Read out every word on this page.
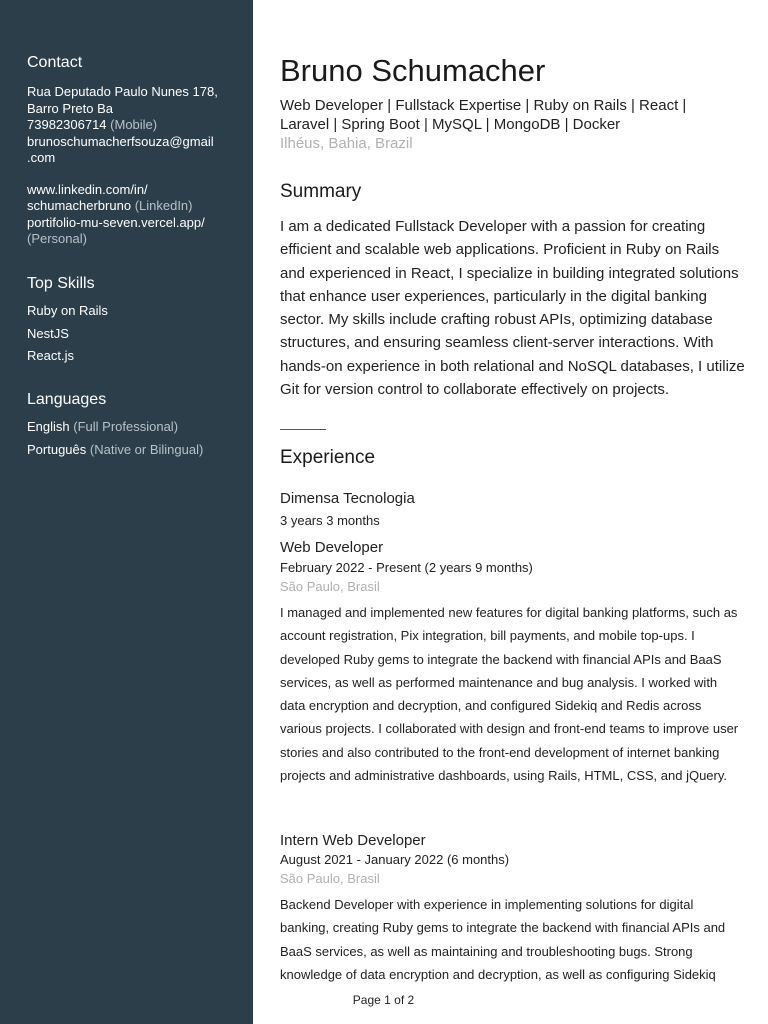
Contact
Rua Deputado Paulo Nunes 178,
Barro Preto Ba
73982306714 (Mobile)
brunoschumacherfsouza@gmail
.com
www.linkedin.com/in/
schumacherbruno (LinkedIn)
portifolio-mu-seven.vercel.app/
(Personal)
Top Skills
Ruby on Rails
NestJS
React.js
Languages
English (Full Professional)
Português (Native or Bilingual)
Bruno Schumacher
Web Developer | Fullstack Expertise | Ruby on Rails | React |
Laravel | Spring Boot | MySQL | MongoDB | Docker
Ilhéus, Bahia, Brazil
Summary
I am a dedicated Fullstack Developer with a passion for creating efficient and scalable web applications. Proficient in Ruby on Rails and experienced in React, I specialize in building integrated solutions that enhance user experiences, particularly in the digital banking sector. My skills include crafting robust APIs, optimizing database structures, and ensuring seamless client-server interactions. With hands-on experience in both relational and NoSQL databases, I utilize Git for version control to collaborate effectively on projects.
Experience
Dimensa Tecnologia
3 years 3 months
Web Developer
February 2022 - Present (2 years 9 months)
São Paulo, Brasil
I managed and implemented new features for digital banking platforms, such as account registration, Pix integration, bill payments, and mobile top-ups. I developed Ruby gems to integrate the backend with financial APIs and BaaS services, as well as performed maintenance and bug analysis. I worked with data encryption and decryption, and configured Sidekiq and Redis across various projects. I collaborated with design and front-end teams to improve user stories and also contributed to the front-end development of internet banking projects and administrative dashboards, using Rails, HTML, CSS, and jQuery.
Intern Web Developer
August 2021 - January 2022 (6 months)
São Paulo, Brasil
Backend Developer with experience in implementing solutions for digital banking, creating Ruby gems to integrate the backend with financial APIs and BaaS services, as well as maintaining and troubleshooting bugs. Strong knowledge of data encryption and decryption, as well as configuring Sidekiq
Page 1 of 2
